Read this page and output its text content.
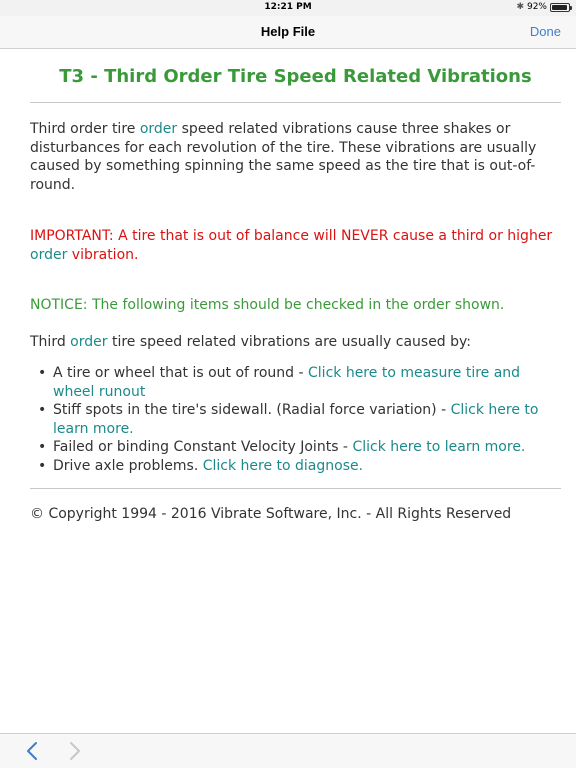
12:21 PM	✱ 92%
Help File	Done
T3 - Third Order Tire Speed Related Vibrations

Third order tire order speed related vibrations cause three shakes or disturbances for each revolution of the tire. These vibrations are usually caused by something spinning the same speed as the tire that is out-of-round.

IMPORTANT: A tire that is out of balance will NEVER cause a third or higher order vibration.

NOTICE: The following items should be checked in the order shown.

Third order tire speed related vibrations are usually caused by:

• A tire or wheel that is out of round - Click here to measure tire and wheel runout
• Stiff spots in the tire's sidewall. (Radial force variation) - Click here to learn more.
• Failed or binding Constant Velocity Joints - Click here to learn more.
• Drive axle problems. Click here to diagnose.

© Copyright 1994 - 2016 Vibrate Software, Inc. - All Rights Reserved
